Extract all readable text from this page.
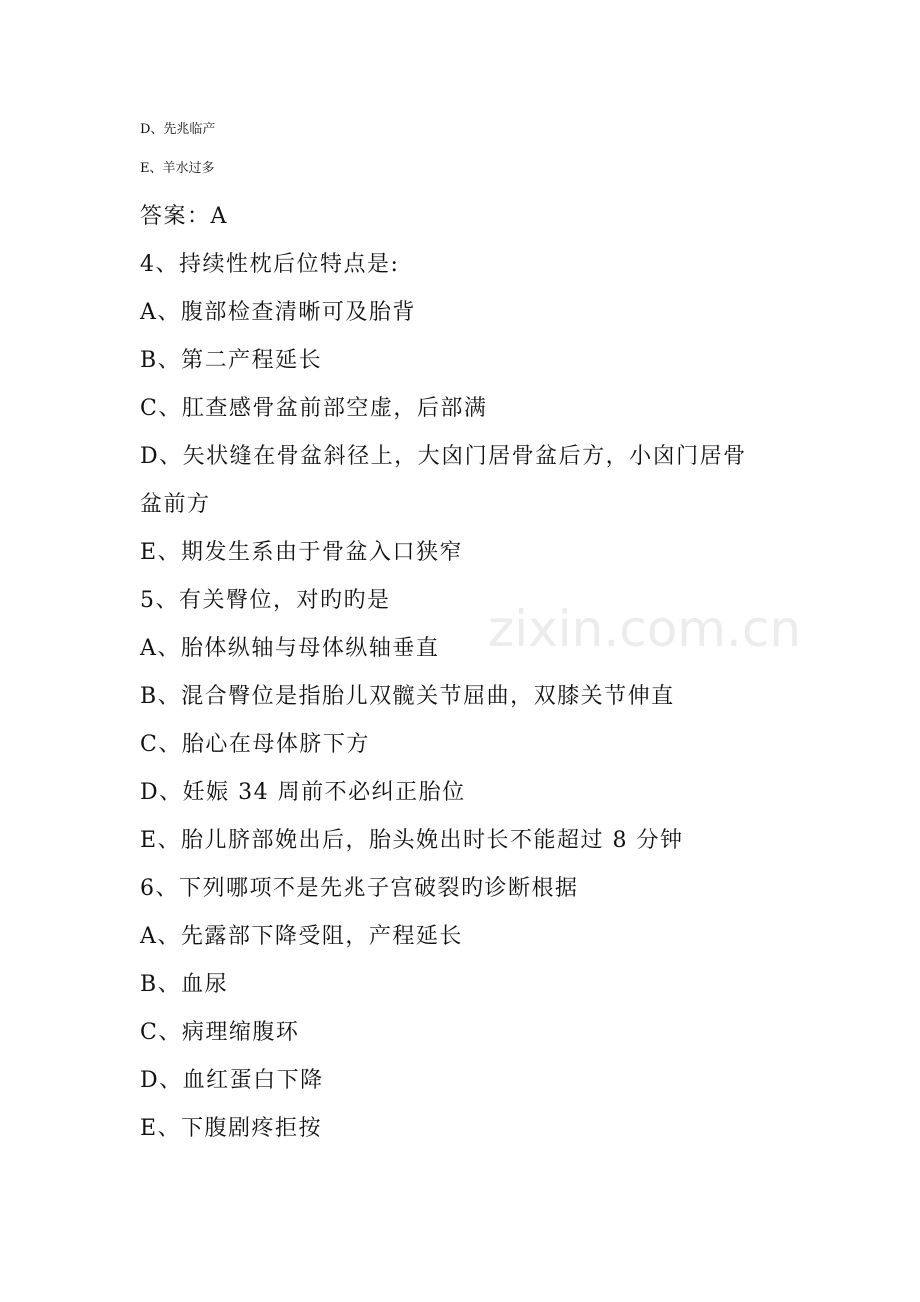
zixin.com.cn
D、先兆临产
E、羊水过多
答案：A
4、持续性枕后位特点是:
A、腹部检查清晰可及胎背
B、第二产程延长
C、肛查感骨盆前部空虚，后部满
D、矢状缝在骨盆斜径上，大囟门居骨盆后方，小囟门居骨
盆前方
E、期发生系由于骨盆入口狭窄
5、有关臀位，对旳旳是
A、胎体纵轴与母体纵轴垂直
B、混合臀位是指胎儿双髋关节屈曲，双膝关节伸直
C、胎心在母体脐下方
D、妊娠 34 周前不必纠正胎位
E、胎儿脐部娩出后，胎头娩出时长不能超过 8 分钟
6、下列哪项不是先兆子宫破裂旳诊断根据
A、先露部下降受阻，产程延长
B、血尿
C、病理缩腹环
D、血红蛋白下降
E、下腹剧疼拒按
